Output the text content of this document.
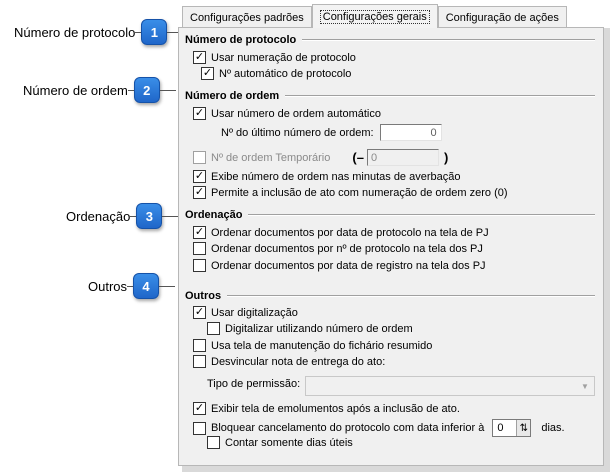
Número de protocolo	1
Número de ordem	2
Ordenação	3
Outros	4
Configurações padrões Configurações gerais Configuração de ações
Número de protocolo
✓ Usar numeração de protocolo
✓ Nº automático de protocolo
Número de ordem
✓ Usar número de ordem automático
Nº do último número de ordem:	0
Nº de ordem Temporário (– 0	)
✓ Exibe número de ordem nas minutas de averbação
✓ Permite a inclusão de ato com numeração de ordem zero (0)
Ordenação
✓ Ordenar documentos por data de protocolo na tela de PJ
Ordenar documentos por nº de protocolo na tela dos PJ
Ordenar documentos por data de registro na tela dos PJ
Outros
✓ Usar digitalização
Digitalizar utilizando número de ordem
Usa tela de manutenção do fichário resumido
Desvincular nota de entrega do ato:
Tipo de permissão:	▼
✓ Exibir tela de emolumentos após a inclusão de ato.
Bloquear cancelamento do protocolo com data inferior à	0	⇅ dias.
Contar somente dias úteis
